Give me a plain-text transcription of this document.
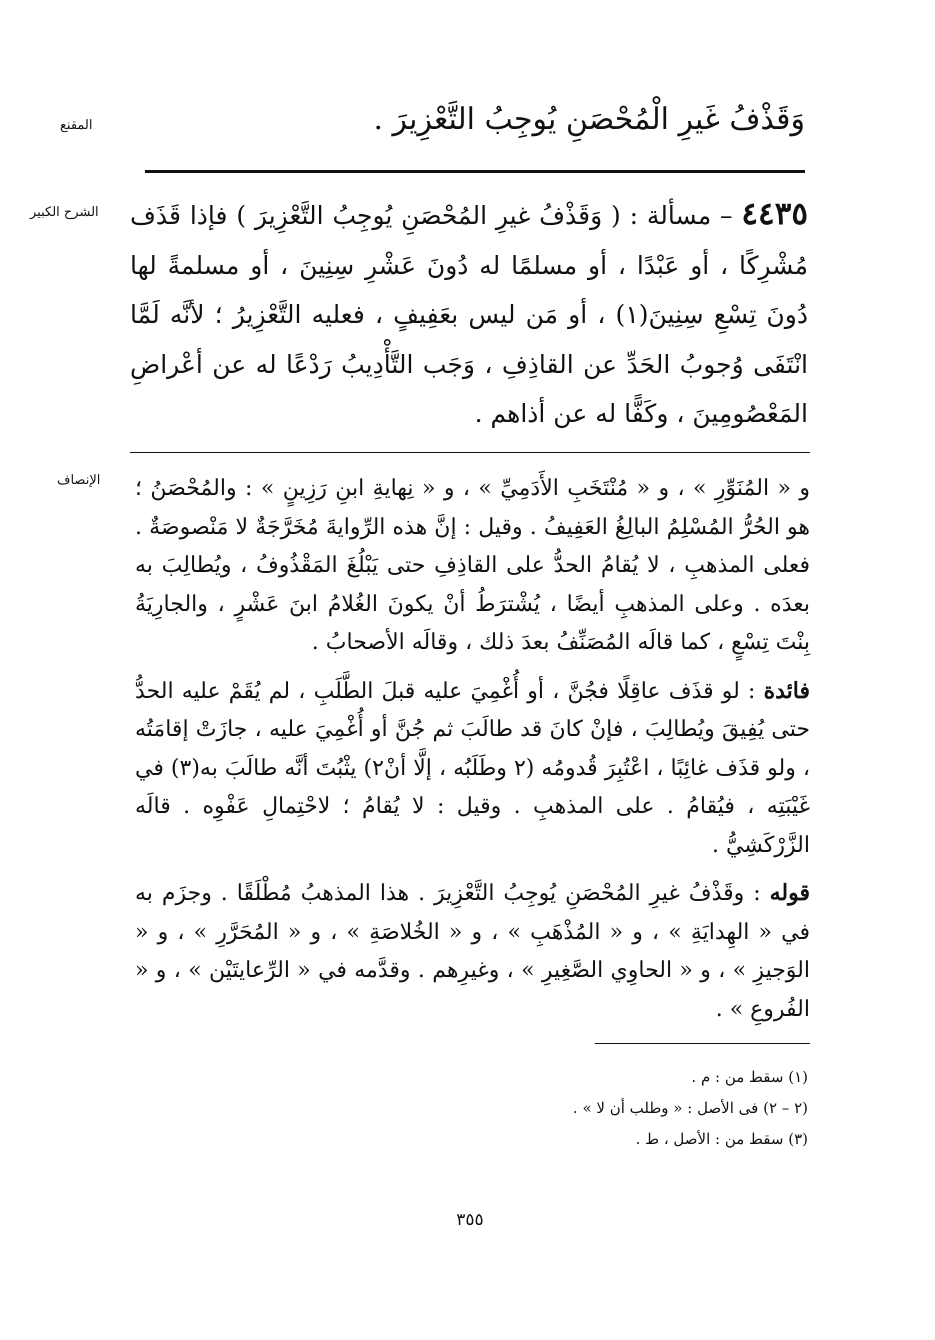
المقنع	وَقَذْفُ غَيرِ الْمُحْصَنِ يُوجِبُ التَّعْزِيرَ .
الشرح الكبير	٤٤٣٥ – مسألة : ( وَقَذْفُ غيرِ المُحْصَنِ يُوجِبُ التَّعْزِيرَ ) فإذا قَذَف مُشْرِكًا ، أو عَبْدًا ، أو مسلمًا له دُونَ عَشْرِ سِنِينَ ، أو مسلمةً لها دُونَ تِسْعِ سِنِينَ(١) ، أو مَن ليس بعَفِيفٍ ، فعليه التَّعْزِيرُ ؛ لأنَّه لَمَّا انْتَفَى وُجوبُ الحَدِّ عن القاذِفِ ، وَجَب التَّأْدِيبُ رَدْعًا له عن أعْراضِ المَعْصُومِينَ ، وكَفًّا له عن أذاهم .
الإنصاف و « المُنَوِّرِ » ، و « مُنْتَخَبِ الأَدَمِيِّ » ، و « نِهايةِ ابنِ رَزِينٍ » : والمُحْصَنُ ؛ هو الحُرُّ المُسْلِمُ البالِغُ العَفِيفُ . وقيل : إنَّ هذه الرِّوايةَ مُخَرَّجَةٌ لا مَنْصوصَةٌ . فعلى المذهبِ ، لا يُقامُ الحدُّ على القاذِفِ حتى يَبْلُغَ المَقْذُوفُ ، ويُطالِبَ به بعدَه . وعلى المذهبِ أيضًا ، يُشْترَطُ أنْ يكونَ الغُلامُ ابنَ عَشْرٍ ، والجارِيَةُ بِنْتَ تِسْعٍ ، كما قالَه المُصَنِّفُ بعدَ ذلك ، وقالَه الأصحابُ .

فائدة : لو قذَف عاقِلًا فجُنَّ ، أو أُغْمِيَ عليه قبلَ الطَّلَبِ ، لم يُقَمْ عليه الحدُّ حتى يُفِيقَ ويُطالِبَ ، فإنْ كانَ قد طالَبَ ثم جُنَّ أو أُغْمِيَ عليه ، جازَتْ إقامَتُه ، ولو قذَف غائِبًا ، اعْتُبِرَ قُدومُه (٢ وطَلَبُه ، إلَّا أنْ٢) يثْبُتَ أنَّه طالَبَ به(٣) في غَيْبَتِه ، فيُقامُ . على المذهبِ . وقيل : لا يُقامُ ؛ لاحْتِمالِ عَفْوِه . قالَه الزَّرْكَشِيُّ .

قوله : وقَذْفُ غيرِ المُحْصَنِ يُوجِبُ التَّعْزِيرَ . هذا المذهبُ مُطْلَقًا . وجزَم به في « الهِدايَةِ » ، و « المُذْهَبِ » ، و « الخُلاصَةِ » ، و « المُحَرَّرِ » ، و « الوَجيزِ » ، و « الحاوِي الصَّغِيرِ » ، وغيرِهم . وقدَّمه في « الرِّعايتَيْن » ، و « الفُروعِ » .

(١) سقط من : م .
(٢ – ٢) فى الأصل : « وطلب أن لا » .
(٣) سقط من : الأصل ، ط .
٣٥٥
